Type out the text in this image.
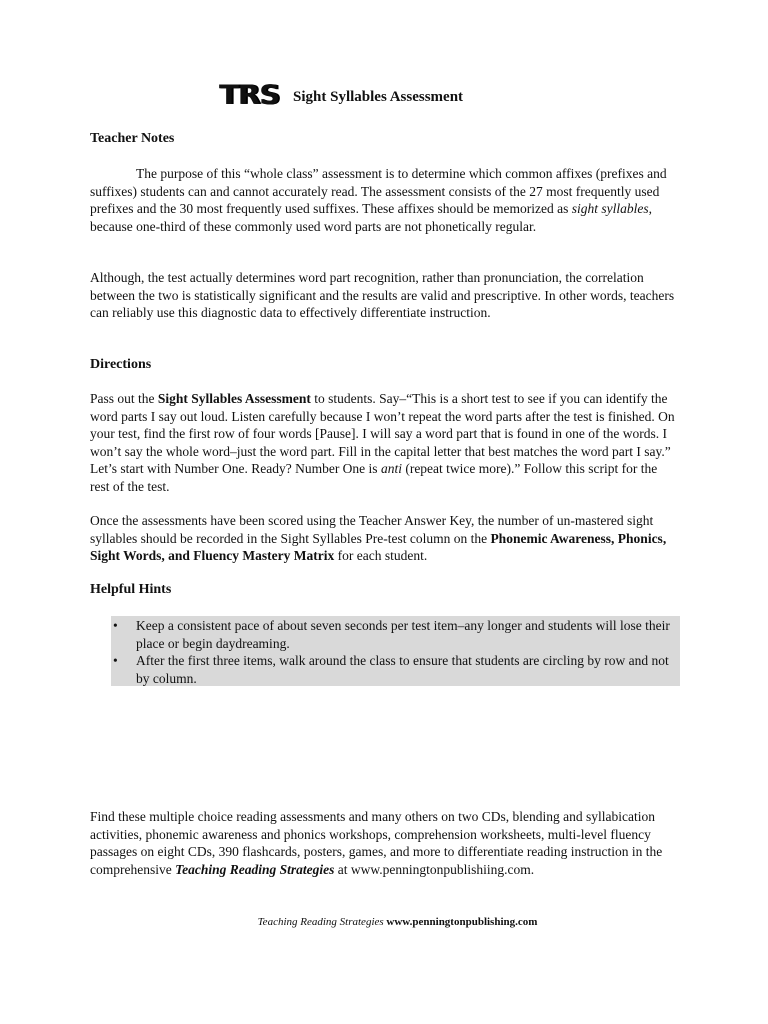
TRS Sight Syllables Assessment
Teacher Notes

The purpose of this “whole class” assessment is to determine which common affixes (prefixes and suffixes) students can and cannot accurately read. The assessment consists of the 27 most frequently used prefixes and the 30 most frequently used suffixes. These affixes should be memorized as sight syllables, because one-third of these commonly used word parts are not phonetically regular.

Although, the test actually determines word part recognition, rather than pronunciation, the correlation between the two is statistically significant and the results are valid and prescriptive. In other words, teachers can reliably use this diagnostic data to effectively differentiate instruction.

Directions

Pass out the Sight Syllables Assessment to students. Say–“This is a short test to see if you can identify the word parts I say out loud. Listen carefully because I won’t repeat the word parts after the test is finished. On your test, find the first row of four words [Pause]. I will say a word part that is found in one of the words. I won’t say the whole word–just the word part. Fill in the capital letter that best matches the word part I say.” Let’s start with Number One. Ready? Number One is anti (repeat twice more).” Follow this script for the rest of the test.

Once the assessments have been scored using the Teacher Answer Key, the number of un-mastered sight syllables should be recorded in the Sight Syllables Pre-test column on the Phonemic Awareness, Phonics, Sight Words, and Fluency Mastery Matrix for each student.

Helpful Hints
• Keep a consistent pace of about seven seconds per test item–any longer and students will lose their place or begin daydreaming.
• After the first three items, walk around the class to ensure that students are circling by row and not by column.

Find these multiple choice reading assessments and many others on two CDs, blending and syllabication activities, phonemic awareness and phonics workshops, comprehension worksheets, multi-level fluency passages on eight CDs, 390 flashcards, posters, games, and more to differentiate reading instruction in the comprehensive Teaching Reading Strategies at www.penningtonpublishiing.com.

Teaching Reading Strategies www.penningtonpublishing.com
